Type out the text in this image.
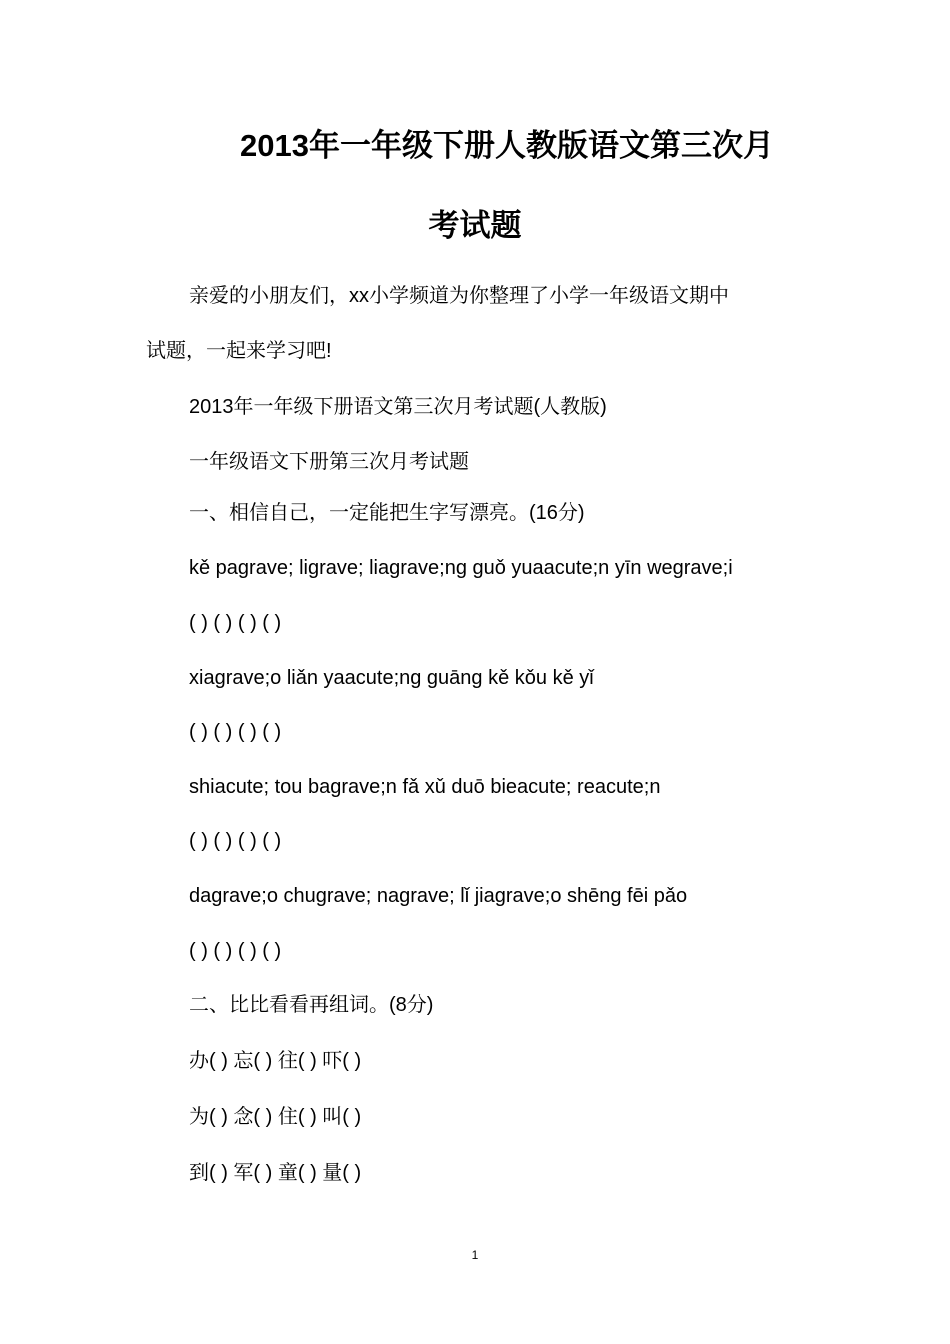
2013年一年级下册人教版语文第三次月
考试题
亲爱的小朋友们，xx小学频道为你整理了小学一年级语文期中
试题，一起来学习吧!
2013年一年级下册语文第三次月考试题(人教版)
一年级语文下册第三次月考试题
一、相信自己，一定能把生字写漂亮。(16分)
kě pagrave; ligrave; liagrave;ng guǒ yuaacute;n yīn wegrave;i
( ) ( ) ( ) ( )
xiagrave;o liǎn yaacute;ng guāng kě kǒu kě yǐ
( ) ( ) ( ) ( )
shiacute; tou bagrave;n fǎ xǔ duō bieacute; reacute;n
( ) ( ) ( ) ( )
dagrave;o chugrave; nagrave; lǐ jiagrave;o shēng fēi pǎo
( ) ( ) ( ) ( )
二、比比看看再组词。(8分)
办( ) 忘( ) 往( ) 吓( )
为( ) 念( ) 住( ) 叫( )
到( ) 军( ) 童( ) 量( )
1
